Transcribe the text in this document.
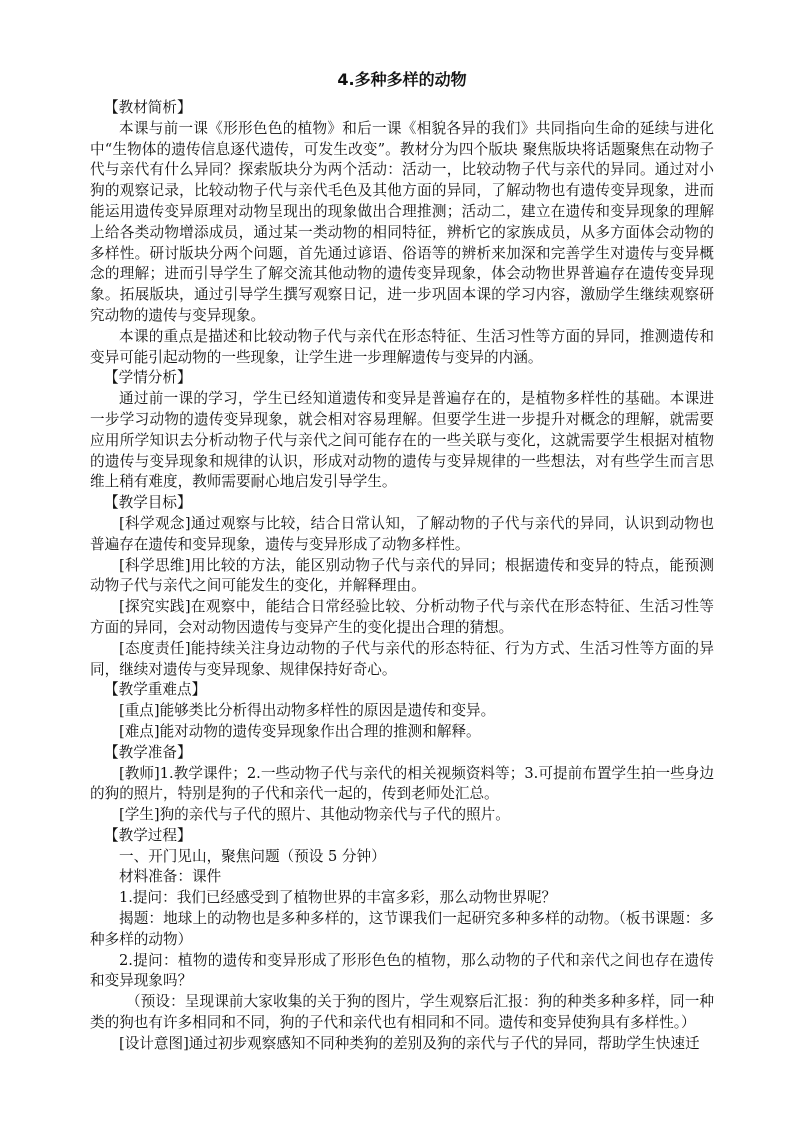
4.多种多样的动物

【教材简析】

本课与前一课《形形色色的植物》和后一课《相貌各异的我们》共同指向生命的延续与进化中“生物体的遗传信息逐代遗传，可发生改变”。教材分为四个版块 聚焦版块将话题聚焦在动物子代与亲代有什么异同？探索版块分为两个活动：活动一，比较动物子代与亲代的异同。通过对小狗的观察记录，比较动物子代与亲代毛色及其他方面的异同，了解动物也有遗传变异现象，进而能运用遗传变异原理对动物呈现出的现象做出合理推测；活动二，建立在遗传和变异现象的理解上给各类动物增添成员，通过某一类动物的相同特征，辨析它的家族成员，从多方面体会动物的多样性。研讨版块分两个问题，首先通过谚语、俗语等的辨析来加深和完善学生对遗传与变异概念的理解；进而引导学生了解交流其他动物的遗传变异现象，体会动物世界普遍存在遗传变异现象。拓展版块，通过引导学生撰写观察日记，进一步巩固本课的学习内容，激励学生继续观察研究动物的遗传与变异现象。

本课的重点是描述和比较动物子代与亲代在形态特征、生活习性等方面的异同，推测遗传和变异可能引起动物的一些现象，让学生进一步理解遗传与变异的内涵。

【学情分析】

通过前一课的学习，学生已经知道遗传和变异是普遍存在的，是植物多样性的基础。本课进一步学习动物的遗传变异现象，就会相对容易理解。但要学生进一步提升对概念的理解，就需要应用所学知识去分析动物子代与亲代之间可能存在的一些关联与变化，这就需要学生根据对植物的遗传与变异现象和规律的认识，形成对动物的遗传与变异规律的一些想法，对有些学生而言思维上稍有难度，教师需要耐心地启发引导学生。

【教学目标】

[科学观念]通过观察与比较，结合日常认知，了解动物的子代与亲代的异同，认识到动物也普遍存在遗传和变异现象，遗传与变异形成了动物多样性。

[科学思维]用比较的方法，能区别动物子代与亲代的异同；根据遗传和变异的特点，能预测动物子代与亲代之间可能发生的变化，并解释理由。

[探究实践]在观察中，能结合日常经验比较、分析动物子代与亲代在形态特征、生活习性等方面的异同，会对动物因遗传与变异产生的变化提出合理的猜想。

[态度责任]能持续关注身边动物的子代与亲代的形态特征、行为方式、生活习性等方面的异同，继续对遗传与变异现象、规律保持好奇心。

【教学重难点】

[重点]能够类比分析得出动物多样性的原因是遗传和变异。

[难点]能对动物的遗传变异现象作出合理的推测和解释。

【教学准备】

[教师]1.教学课件；2.一些动物子代与亲代的相关视频资料等；3.可提前布置学生拍一些身边的狗的照片，特别是狗的子代和亲代一起的，传到老师处汇总。

[学生]狗的亲代与子代的照片、其他动物亲代与子代的照片。

【教学过程】

一、开门见山，聚焦问题（预设 5 分钟）

材料准备：课件

1.提问：我们已经感受到了植物世界的丰富多彩，那么动物世界呢？

揭题：地球上的动物也是多种多样的，这节课我们一起研究多种多样的动物。（板书课题：多种多样的动物）

2.提问：植物的遗传和变异形成了形形色色的植物，那么动物的子代和亲代之间也存在遗传和变异现象吗？

（预设：呈现课前大家收集的关于狗的图片，学生观察后汇报：狗的种类多种多样，同一种类的狗也有许多相同和不同，狗的子代和亲代也有相同和不同。遗传和变异使狗具有多样性。）

[设计意图]通过初步观察感知不同种类狗的差别及狗的亲代与子代的异同，帮助学生快速迁
